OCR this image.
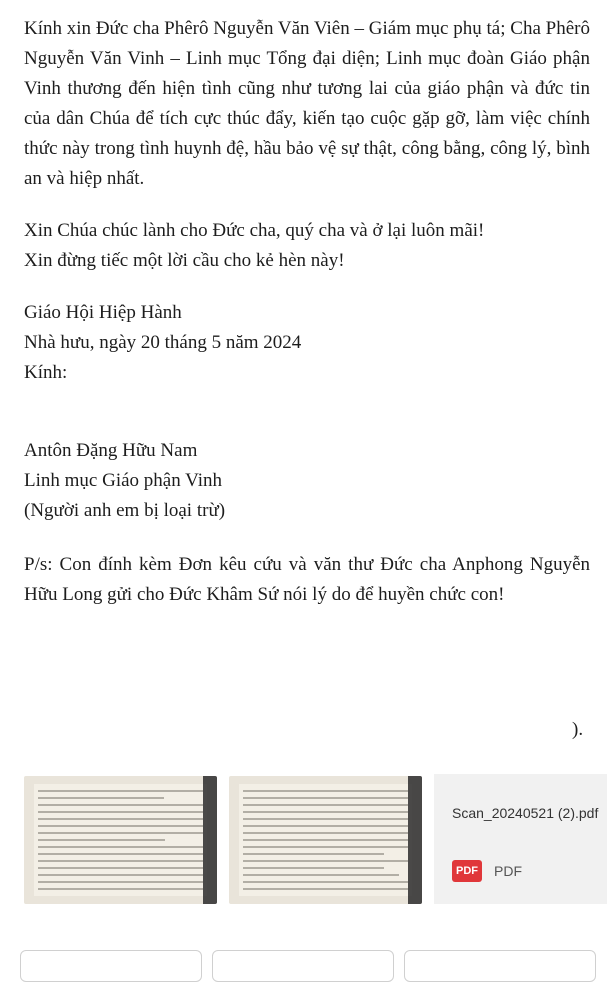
Kính xin Đức cha Phêrô Nguyễn Văn Viên – Giám mục phụ tá; Cha Phêrô Nguyễn Văn Vinh – Linh mục Tổng đại diện; Linh mục đoàn Giáo phận Vinh thương đến hiện tình cũng như tương lai của giáo phận và đức tin của dân Chúa để tích cực thúc đẩy, kiến tạo cuộc gặp gỡ, làm việc chính thức này trong tình huynh đệ, hầu bảo vệ sự thật, công bằng, công lý, bình an và hiệp nhất.

Xin Chúa chúc lành cho Đức cha, quý cha và ở lại luôn mãi!

Xin đừng tiếc một lời cầu cho kẻ hèn này!

Giáo Hội Hiệp Hành

Nhà hưu, ngày 20 tháng 5 năm 2024

Kính:

Antôn Đặng Hữu Nam

Linh mục Giáo phận Vinh

(Người anh em bị loại trừ)

P/s: Con đính kèm Đơn kêu cứu và văn thư Đức cha Anphong Nguyễn Hữu Long gửi cho Đức Khâm Sứ nói lý do để huyền chức con!

).
Scan_20240521 (2).pdf
PDF PDF
